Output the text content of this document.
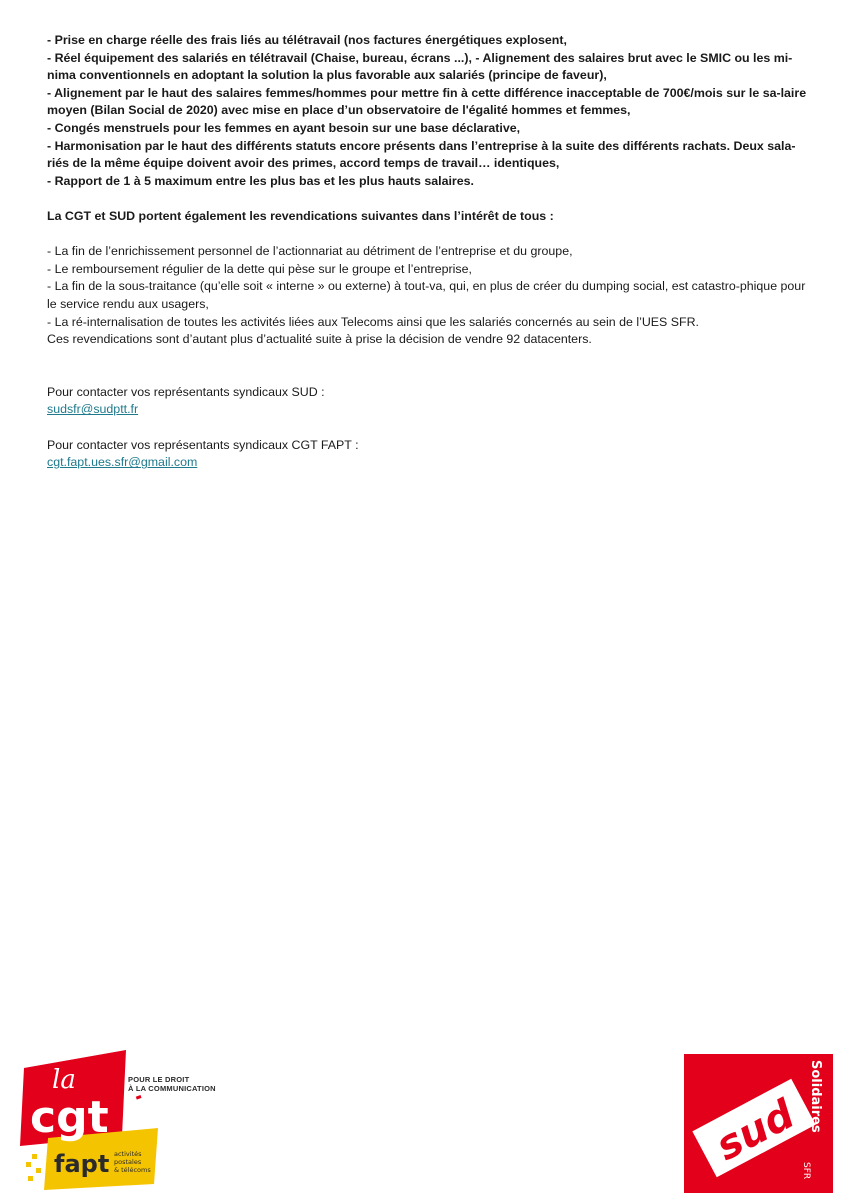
- Prise en charge réelle des frais liés au télétravail (nos factures énergétiques explosent,

- Réel équipement des salariés en télétravail (Chaise, bureau, écrans ...), - Alignement des salaires brut avec le SMIC ou les mi-nima conventionnels en adoptant la solution la plus favorable aux salariés (principe de faveur),

- Alignement par le haut des salaires femmes/hommes pour mettre fin à cette différence inacceptable de 700€/mois sur le sa-laire moyen (Bilan Social de 2020) avec mise en place d’un observatoire de l'égalité hommes et femmes,

- Congés menstruels pour les femmes en ayant besoin sur une base déclarative,

- Harmonisation par le haut des différents statuts encore présents dans l’entreprise à la suite des différents rachats. Deux sala-riés de la même équipe doivent avoir des primes, accord temps de travail… identiques,

- Rapport de 1 à 5 maximum entre les plus bas et les plus hauts salaires.

La CGT et SUD portent également les revendications suivantes dans l’intérêt de tous :

- La fin de l’enrichissement personnel de l’actionnariat au détriment de l’entreprise et du groupe,

- Le remboursement régulier de la dette qui pèse sur le groupe et l’entreprise,

- La fin de la sous-traitance (qu’elle soit « interne » ou externe) à tout-va, qui, en plus de créer du dumping social, est catastro-phique pour le service rendu aux usagers,

- La ré-internalisation de toutes les activités liées aux Telecoms ainsi que les salariés concernés au sein de l’UES SFR.

Ces revendications sont d’autant plus d’actualité suite à prise la décision de vendre 92 datacenters.

Pour contacter vos représentants syndicaux SUD :

sudsfr@sudptt.fr

Pour contacter vos représentants syndicaux CGT FAPT :

cgt.fapt.ues.sfr@gmail.com

la
cgt
fapt activités
postales
& télécoms
POUR LE DROIT
À LA COMMUNICATION
sud Solidaires
SFR
